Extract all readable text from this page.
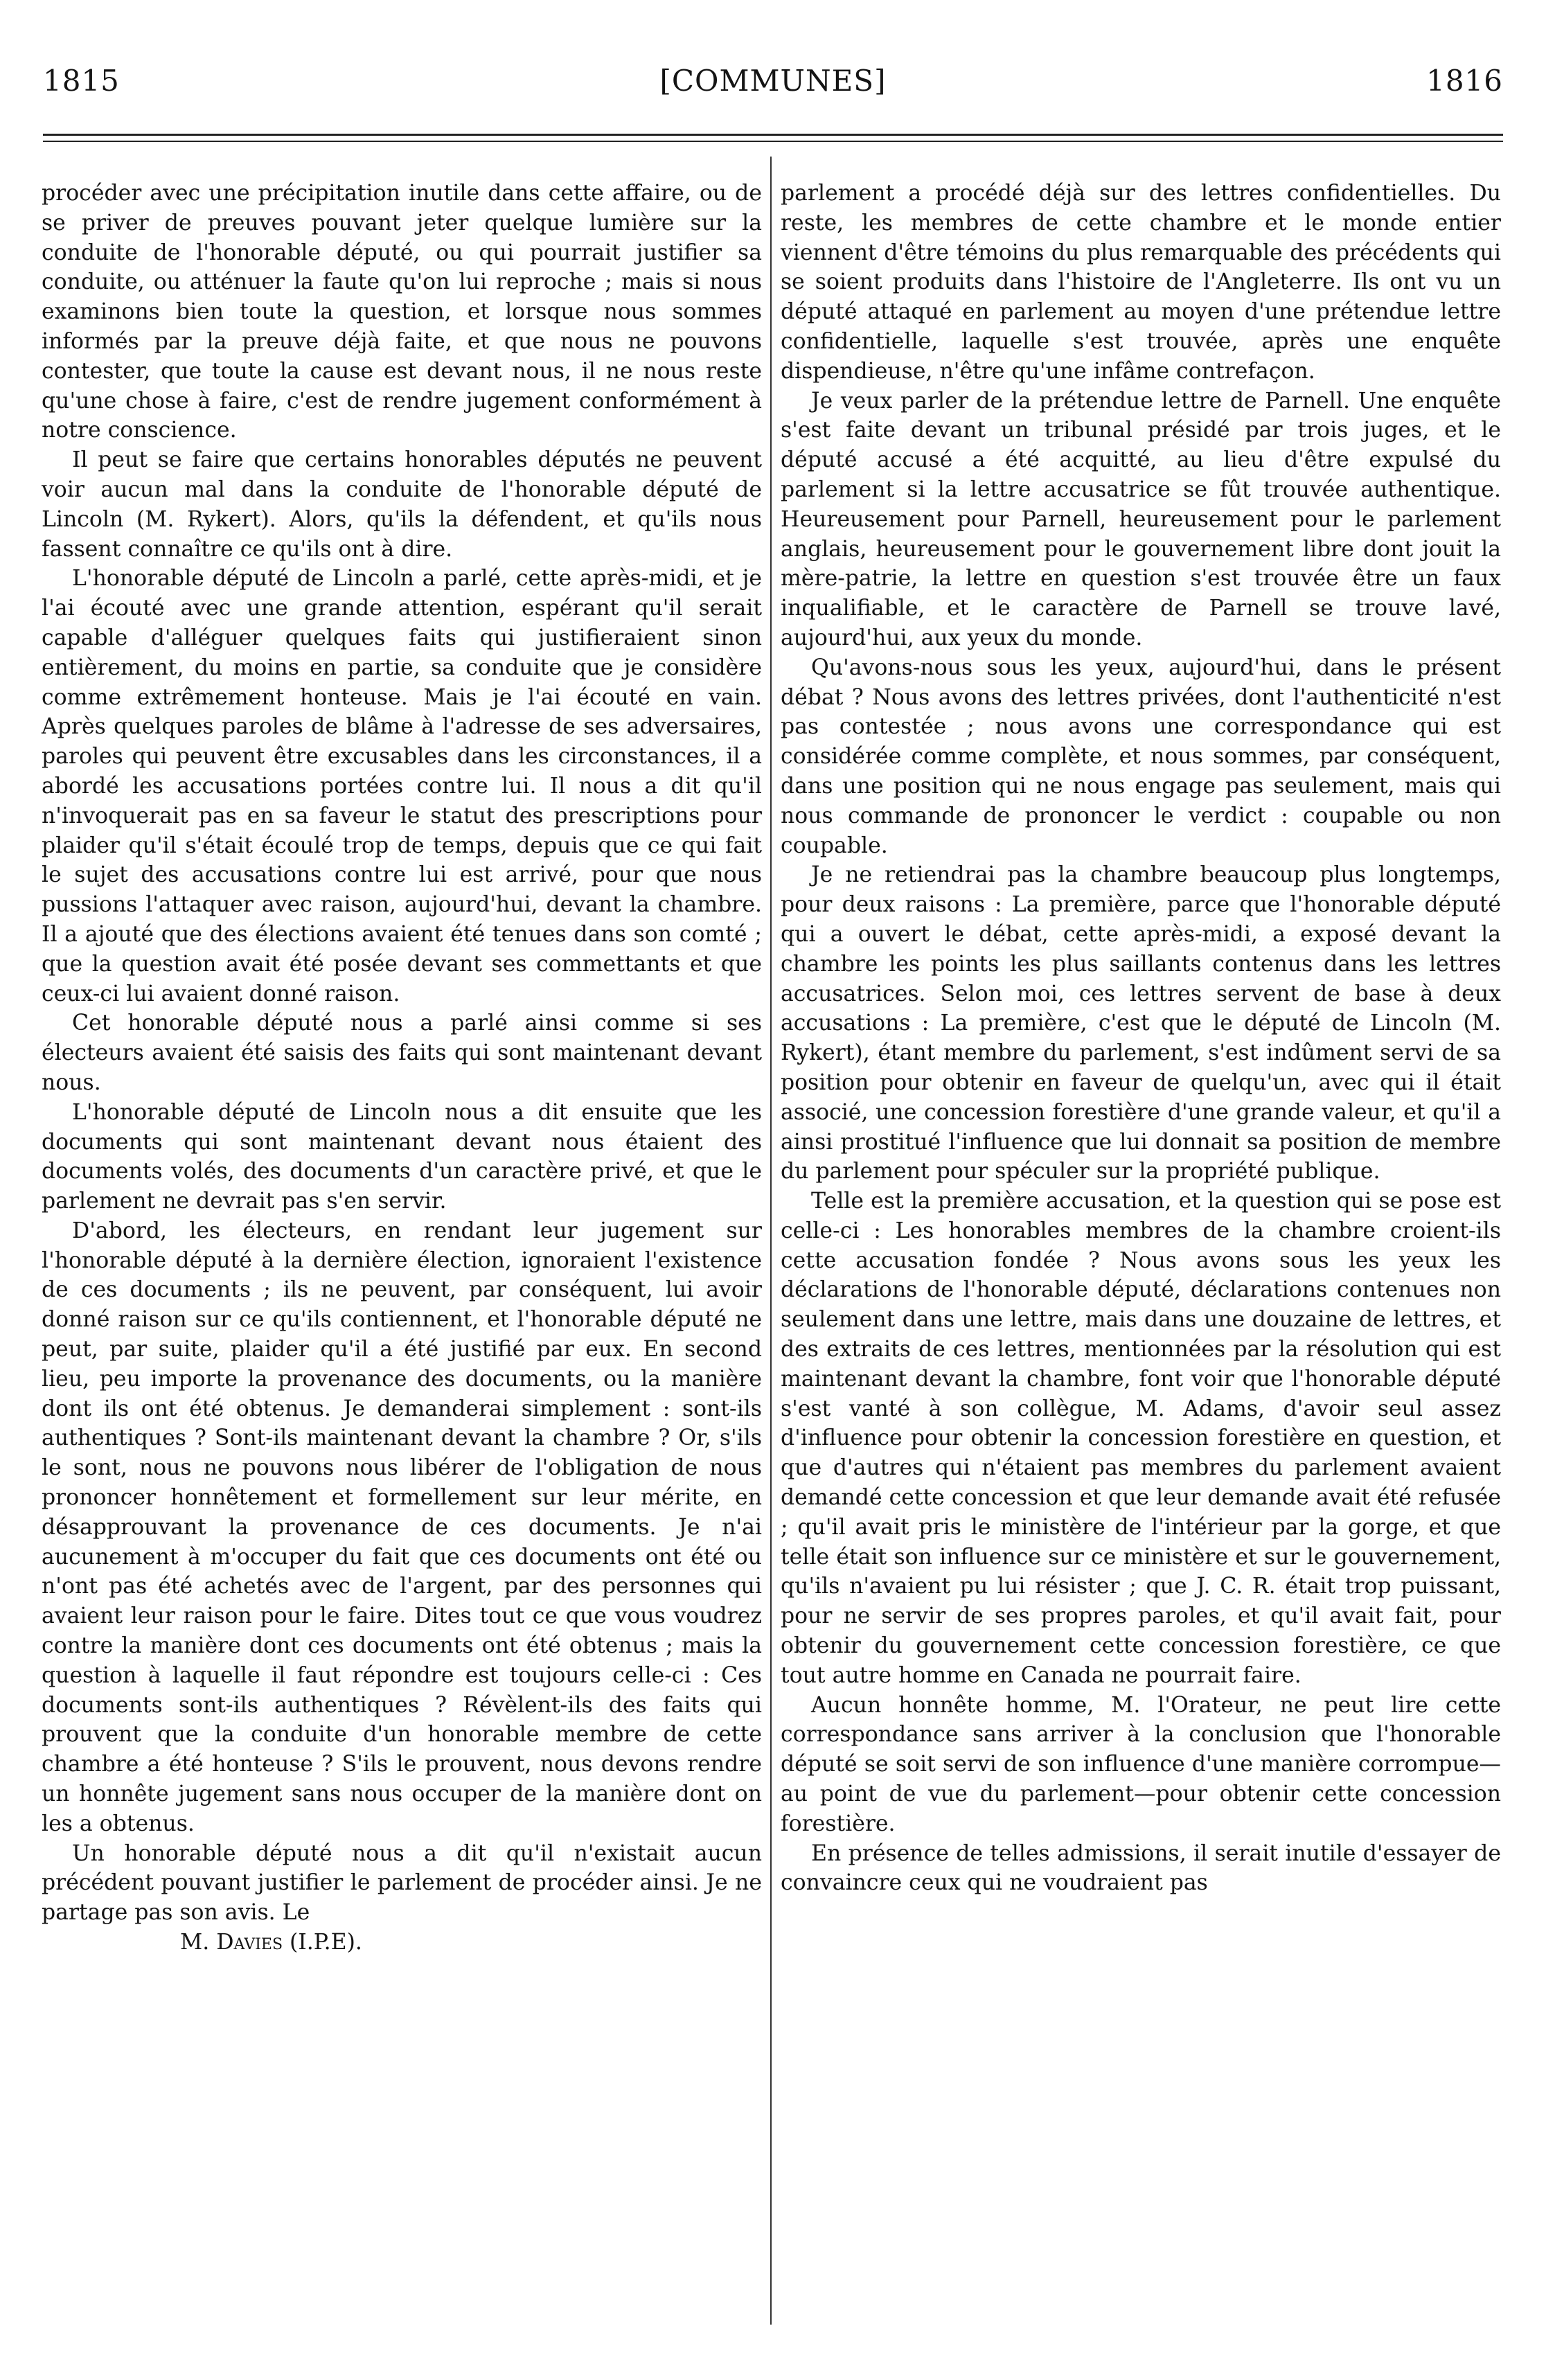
1815	[COMMUNES]	1816

procéder avec une précipitation inutile dans cette affaire, ou de se priver de preuves pouvant jeter quelque lumière sur la conduite de l'honorable député, ou qui pourrait justifier sa conduite, ou atténuer la faute qu'on lui reproche ; mais si nous examinons bien toute la question, et lorsque nous sommes informés par la preuve déjà faite, et que nous ne pouvons contester, que toute la cause est devant nous, il ne nous reste qu'une chose à faire, c'est de rendre jugement conformément à notre conscience.

Il peut se faire que certains honorables députés ne peuvent voir aucun mal dans la conduite de l'honorable député de Lincoln (M. Rykert). Alors, qu'ils la défendent, et qu'ils nous fassent connaître ce qu'ils ont à dire.

L'honorable député de Lincoln a parlé, cette après-midi, et je l'ai écouté avec une grande attention, espérant qu'il serait capable d'alléguer quelques faits qui justifieraient sinon entièrement, du moins en partie, sa conduite que je considère comme extrêmement honteuse. Mais je l'ai écouté en vain. Après quelques paroles de blâme à l'adresse de ses adversaires, paroles qui peuvent être excusables dans les circonstances, il a abordé les accusations portées contre lui. Il nous a dit qu'il n'invoquerait pas en sa faveur le statut des prescriptions pour plaider qu'il s'était écoulé trop de temps, depuis que ce qui fait le sujet des accusations contre lui est arrivé, pour que nous pussions l'attaquer avec raison, aujourd'hui, devant la chambre. Il a ajouté que des élections avaient été tenues dans son comté ; que la question avait été posée devant ses commettants et que ceux-ci lui avaient donné raison.

Cet honorable député nous a parlé ainsi comme si ses électeurs avaient été saisis des faits qui sont maintenant devant nous.

L'honorable député de Lincoln nous a dit ensuite que les documents qui sont maintenant devant nous étaient des documents volés, des documents d'un caractère privé, et que le parlement ne devrait pas s'en servir.

D'abord, les électeurs, en rendant leur jugement sur l'honorable député à la dernière élection, ignoraient l'existence de ces documents ; ils ne peuvent, par conséquent, lui avoir donné raison sur ce qu'ils contiennent, et l'honorable député ne peut, par suite, plaider qu'il a été justifié par eux. En second lieu, peu importe la provenance des documents, ou la manière dont ils ont été obtenus. Je demanderai simplement : sont-ils authentiques ? Sont-ils maintenant devant la chambre ? Or, s'ils le sont, nous ne pouvons nous libérer de l'obligation de nous prononcer honnêtement et formellement sur leur mérite, en désapprouvant la provenance de ces documents. Je n'ai aucunement à m'occuper du fait que ces documents ont été ou n'ont pas été achetés avec de l'argent, par des personnes qui avaient leur raison pour le faire. Dites tout ce que vous voudrez contre la manière dont ces documents ont été obtenus ; mais la question à laquelle il faut répondre est toujours celle-ci : Ces documents sont-ils authentiques ? Révèlent-ils des faits qui prouvent que la conduite d'un honorable membre de cette chambre a été honteuse ? S'ils le prouvent, nous devons rendre un honnête jugement sans nous occuper de la manière dont on les a obtenus.

Un honorable député nous a dit qu'il n'existait aucun précédent pouvant justifier le parlement de procéder ainsi. Je ne partage pas son avis. Le

M. Davies (I.P.E).

parlement a procédé déjà sur des lettres confidentielles. Du reste, les membres de cette chambre et le monde entier viennent d'être témoins du plus remarquable des précédents qui se soient produits dans l'histoire de l'Angleterre. Ils ont vu un député attaqué en parlement au moyen d'une prétendue lettre confidentielle, laquelle s'est trouvée, après une enquête dispendieuse, n'être qu'une infâme contrefaçon.

Je veux parler de la prétendue lettre de Parnell. Une enquête s'est faite devant un tribunal présidé par trois juges, et le député accusé a été acquitté, au lieu d'être expulsé du parlement si la lettre accusatrice se fût trouvée authentique. Heureusement pour Parnell, heureusement pour le parlement anglais, heureusement pour le gouvernement libre dont jouit la mère-patrie, la lettre en question s'est trouvée être un faux inqualifiable, et le caractère de Parnell se trouve lavé, aujourd'hui, aux yeux du monde.

Qu'avons-nous sous les yeux, aujourd'hui, dans le présent débat ? Nous avons des lettres privées, dont l'authenticité n'est pas contestée ; nous avons une correspondance qui est considérée comme complète, et nous sommes, par conséquent, dans une position qui ne nous engage pas seulement, mais qui nous commande de prononcer le verdict : coupable ou non coupable.

Je ne retiendrai pas la chambre beaucoup plus longtemps, pour deux raisons : La première, parce que l'honorable député qui a ouvert le débat, cette après-midi, a exposé devant la chambre les points les plus saillants contenus dans les lettres accusatrices. Selon moi, ces lettres servent de base à deux accusations : La première, c'est que le député de Lincoln (M. Rykert), étant membre du parlement, s'est indûment servi de sa position pour obtenir en faveur de quelqu'un, avec qui il était associé, une concession forestière d'une grande valeur, et qu'il a ainsi prostitué l'influence que lui donnait sa position de membre du parlement pour spéculer sur la propriété publique.

Telle est la première accusation, et la question qui se pose est celle-ci : Les honorables membres de la chambre croient-ils cette accusation fondée ? Nous avons sous les yeux les déclarations de l'honorable député, déclarations contenues non seulement dans une lettre, mais dans une douzaine de lettres, et des extraits de ces lettres, mentionnées par la résolution qui est maintenant devant la chambre, font voir que l'honorable député s'est vanté à son collègue, M. Adams, d'avoir seul assez d'influence pour obtenir la concession forestière en question, et que d'autres qui n'étaient pas membres du parlement avaient demandé cette concession et que leur demande avait été refusée ; qu'il avait pris le ministère de l'intérieur par la gorge, et que telle était son influence sur ce ministère et sur le gouvernement, qu'ils n'avaient pu lui résister ; que J. C. R. était trop puissant, pour ne servir de ses propres paroles, et qu'il avait fait, pour obtenir du gouvernement cette concession forestière, ce que tout autre homme en Canada ne pourrait faire.

Aucun honnête homme, M. l'Orateur, ne peut lire cette correspondance sans arriver à la conclusion que l'honorable député se soit servi de son influence d'une manière corrompue—au point de vue du parlement—pour obtenir cette concession forestière.

En présence de telles admissions, il serait inutile d'essayer de convaincre ceux qui ne voudraient pas
